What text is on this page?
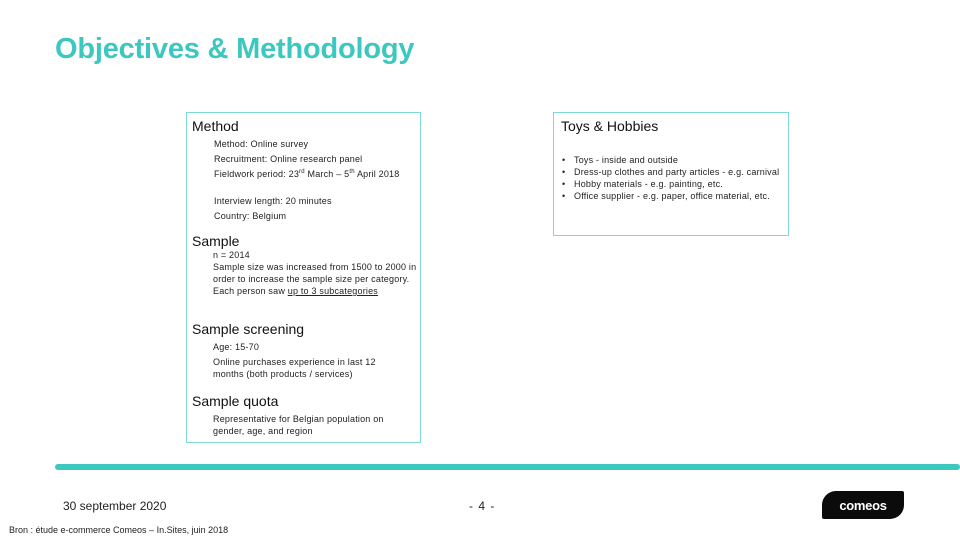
Objectives & Methodology
Method
Method: Online survey
Recruitment: Online research panel
Fieldwork period: 23rd March – 5th April 2018
Interview length: 20 minutes
Country: Belgium
Sample
n = 2014
Sample size was increased from 1500 to 2000 in order to increase the sample size per category. Each person saw up to 3 subcategories
Sample screening
Age: 15-70
Online purchases experience in last 12 months (both products / services)
Sample quota
Representative for Belgian population on gender, age, and region
Toys & Hobbies
• Toys - inside and outside
• Dress-up clothes and party articles - e.g. carnival
• Hobby materials - e.g. painting, etc.
• Office supplier - e.g. paper, office material, etc.
30 september 2020	- 4 -
Bron : étude e-commerce Comeos – In.Sites, juin 2018
comeos
